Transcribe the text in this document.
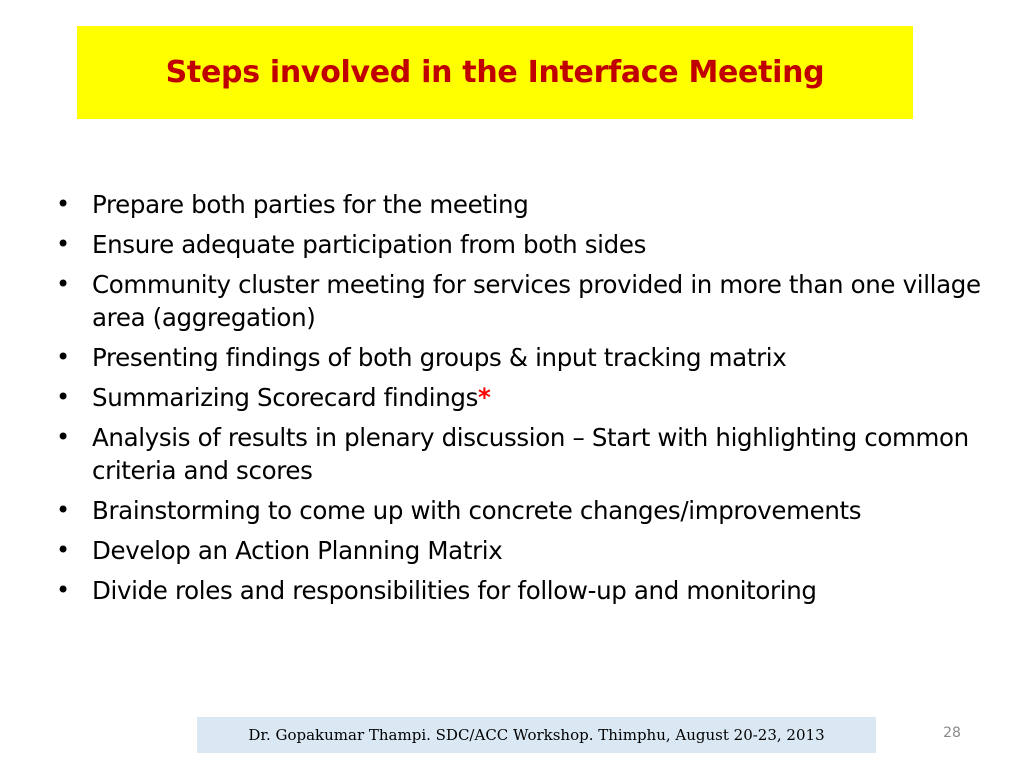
Steps involved in the Interface Meeting
• Prepare both parties for the meeting
• Ensure adequate participation from both sides
• Community cluster meeting for services provided in more than one village area (aggregation)
• Presenting findings of both groups & input tracking matrix
• Summarizing Scorecard findings*
• Analysis of results in plenary discussion – Start with highlighting common criteria and scores
• Brainstorming to come up with concrete changes/improvements
• Develop an Action Planning Matrix
• Divide roles and responsibilities for follow-up and monitoring
Dr. Gopakumar Thampi. SDC/ACC Workshop. Thimphu, August 20-23, 2013	28
